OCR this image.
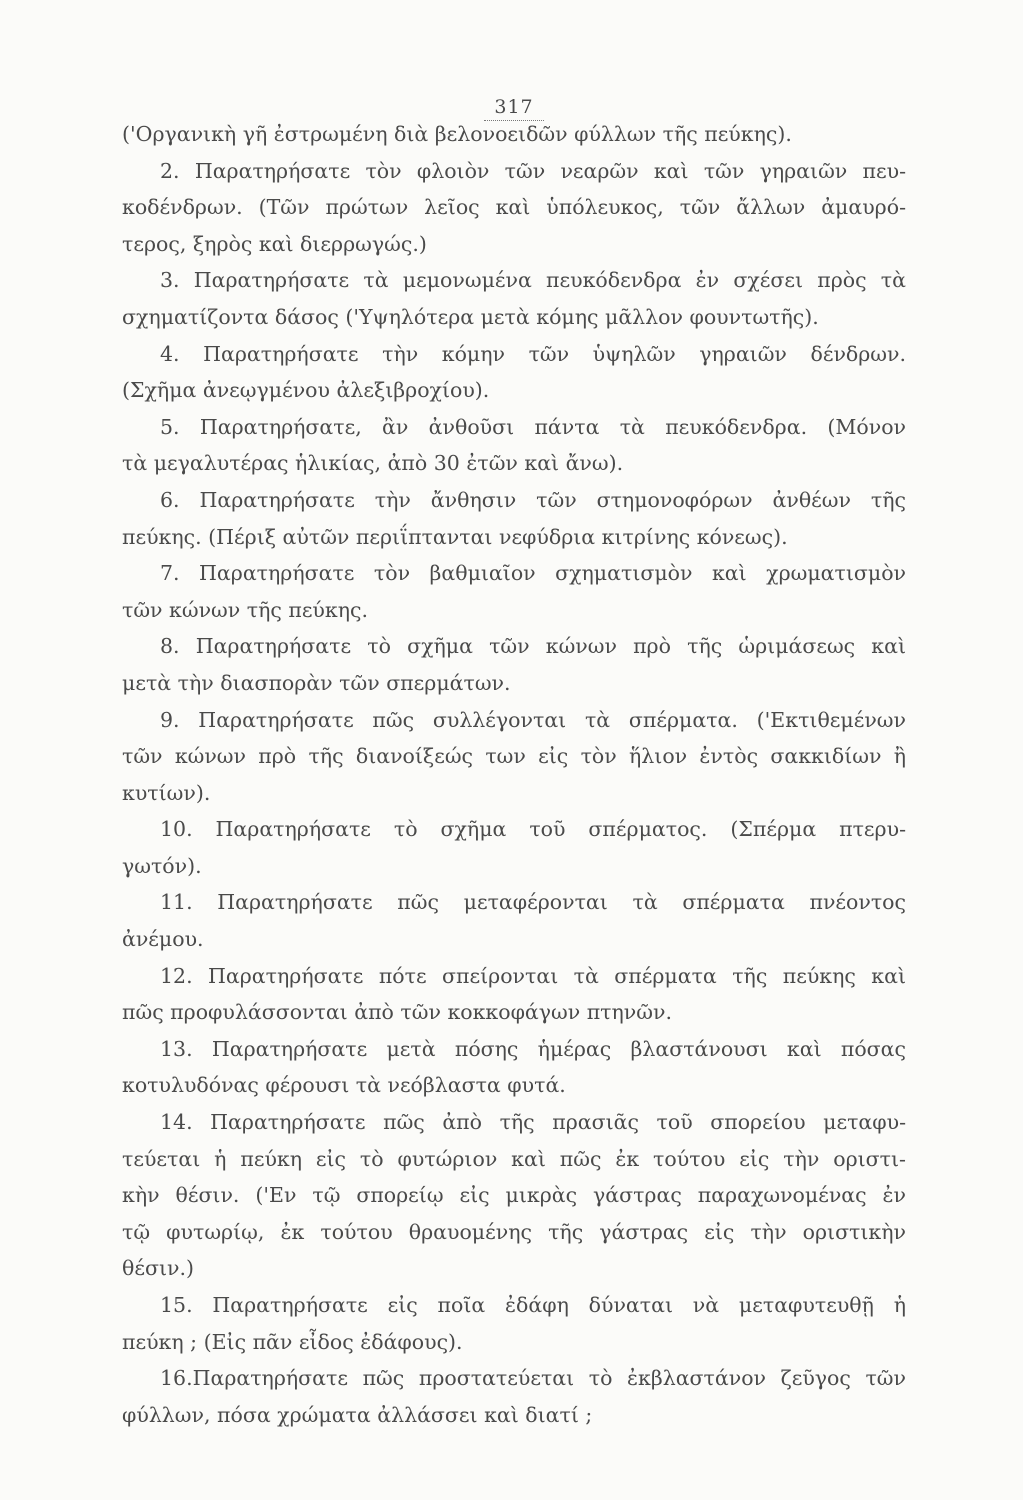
317
('Οργανικὴ γῆ ἐστρωμένη διὰ βελονοειδῶν φύλλων τῆς πεύκης).
2. Παρατηρήσατε τὸν φλοιὸν τῶν νεαρῶν καὶ τῶν γηραιῶν πευ-
κοδένδρων. (Τῶν πρώτων λεῖος καὶ ὑπόλευκος, τῶν ἄλλων ἀμαυρό-
τερος, ξηρὸς καὶ διερρωγώς.)
3. Παρατηρήσατε τὰ μεμονωμένα πευκόδενδρα ἐν σχέσει πρὸς τὰ
σχηματίζοντα δάσος ('Υψηλότερα μετὰ κόμης μᾶλλον φουντωτῆς).
4. Παρατηρήσατε τὴν κόμην τῶν ὑψηλῶν γηραιῶν δένδρων.
(Σχῆμα ἀνεῳγμένου ἀλεξιβροχίου).
5. Παρατηρήσατε, ἂν ἀνθοῦσι πάντα τὰ πευκόδενδρα. (Μόνον
τὰ μεγαλυτέρας ἡλικίας, ἀπὸ 30 ἐτῶν καὶ ἄνω).
6. Παρατηρήσατε τὴν ἄνθησιν τῶν στημονοφόρων ἀνθέων τῆς
πεύκης. (Πέριξ αὐτῶν περιΐπτανται νεφύδρια κιτρίνης κόνεως).
7. Παρατηρήσατε τὸν βαθμιαῖον σχηματισμὸν καὶ χρωματισμὸν
τῶν κώνων τῆς πεύκης.
8. Παρατηρήσατε τὸ σχῆμα τῶν κώνων πρὸ τῆς ὡριμάσεως καὶ
μετὰ τὴν διασπορὰν τῶν σπερμάτων.
9. Παρατηρήσατε πῶς συλλέγονται τὰ σπέρματα. ('Εκτιθεμένων
τῶν κώνων πρὸ τῆς διανοίξεώς των εἰς τὸν ἥλιον ἐντὸς σακκιδίων ἢ
κυτίων).
10. Παρατηρήσατε τὸ σχῆμα τοῦ σπέρματος. (Σπέρμα πτερυ-
γωτόν).
11. Παρατηρήσατε πῶς μεταφέρονται τὰ σπέρματα πνέοντος
ἀνέμου.
12. Παρατηρήσατε πότε σπείρονται τὰ σπέρματα τῆς πεύκης καὶ
πῶς προφυλάσσονται ἀπὸ τῶν κοκκοφάγων πτηνῶν.
13. Παρατηρήσατε μετὰ πόσης ἡμέρας βλαστάνουσι καὶ πόσας
κοτυλυδόνας φέρουσι τὰ νεόβλαστα φυτά.
14. Παρατηρήσατε πῶς ἀπὸ τῆς πρασιᾶς τοῦ σπορείου μεταφυ-
τεύεται ἡ πεύκη εἰς τὸ φυτώριον καὶ πῶς ἐκ τούτου εἰς τὴν οριστι-
κὴν θέσιν. ('Εν τῷ σπορείῳ εἰς μικρὰς γάστρας παραχωνομένας ἐν
τῷ φυτωρίῳ, ἐκ τούτου θραυομένης τῆς γάστρας εἰς τὴν οριστικὴν
θέσιν.)
15. Παρατηρήσατε εἰς ποῖα ἐδάφη δύναται νὰ μεταφυτευθῇ ἡ
πεύκη ; (Εἰς πᾶν εἶδος ἐδάφους).
16.Παρατηρήσατε πῶς προστατεύεται τὸ ἐκβλαστάνον ζεῦγος τῶν
φύλλων, πόσα χρώματα ἀλλάσσει καὶ διατί ;
